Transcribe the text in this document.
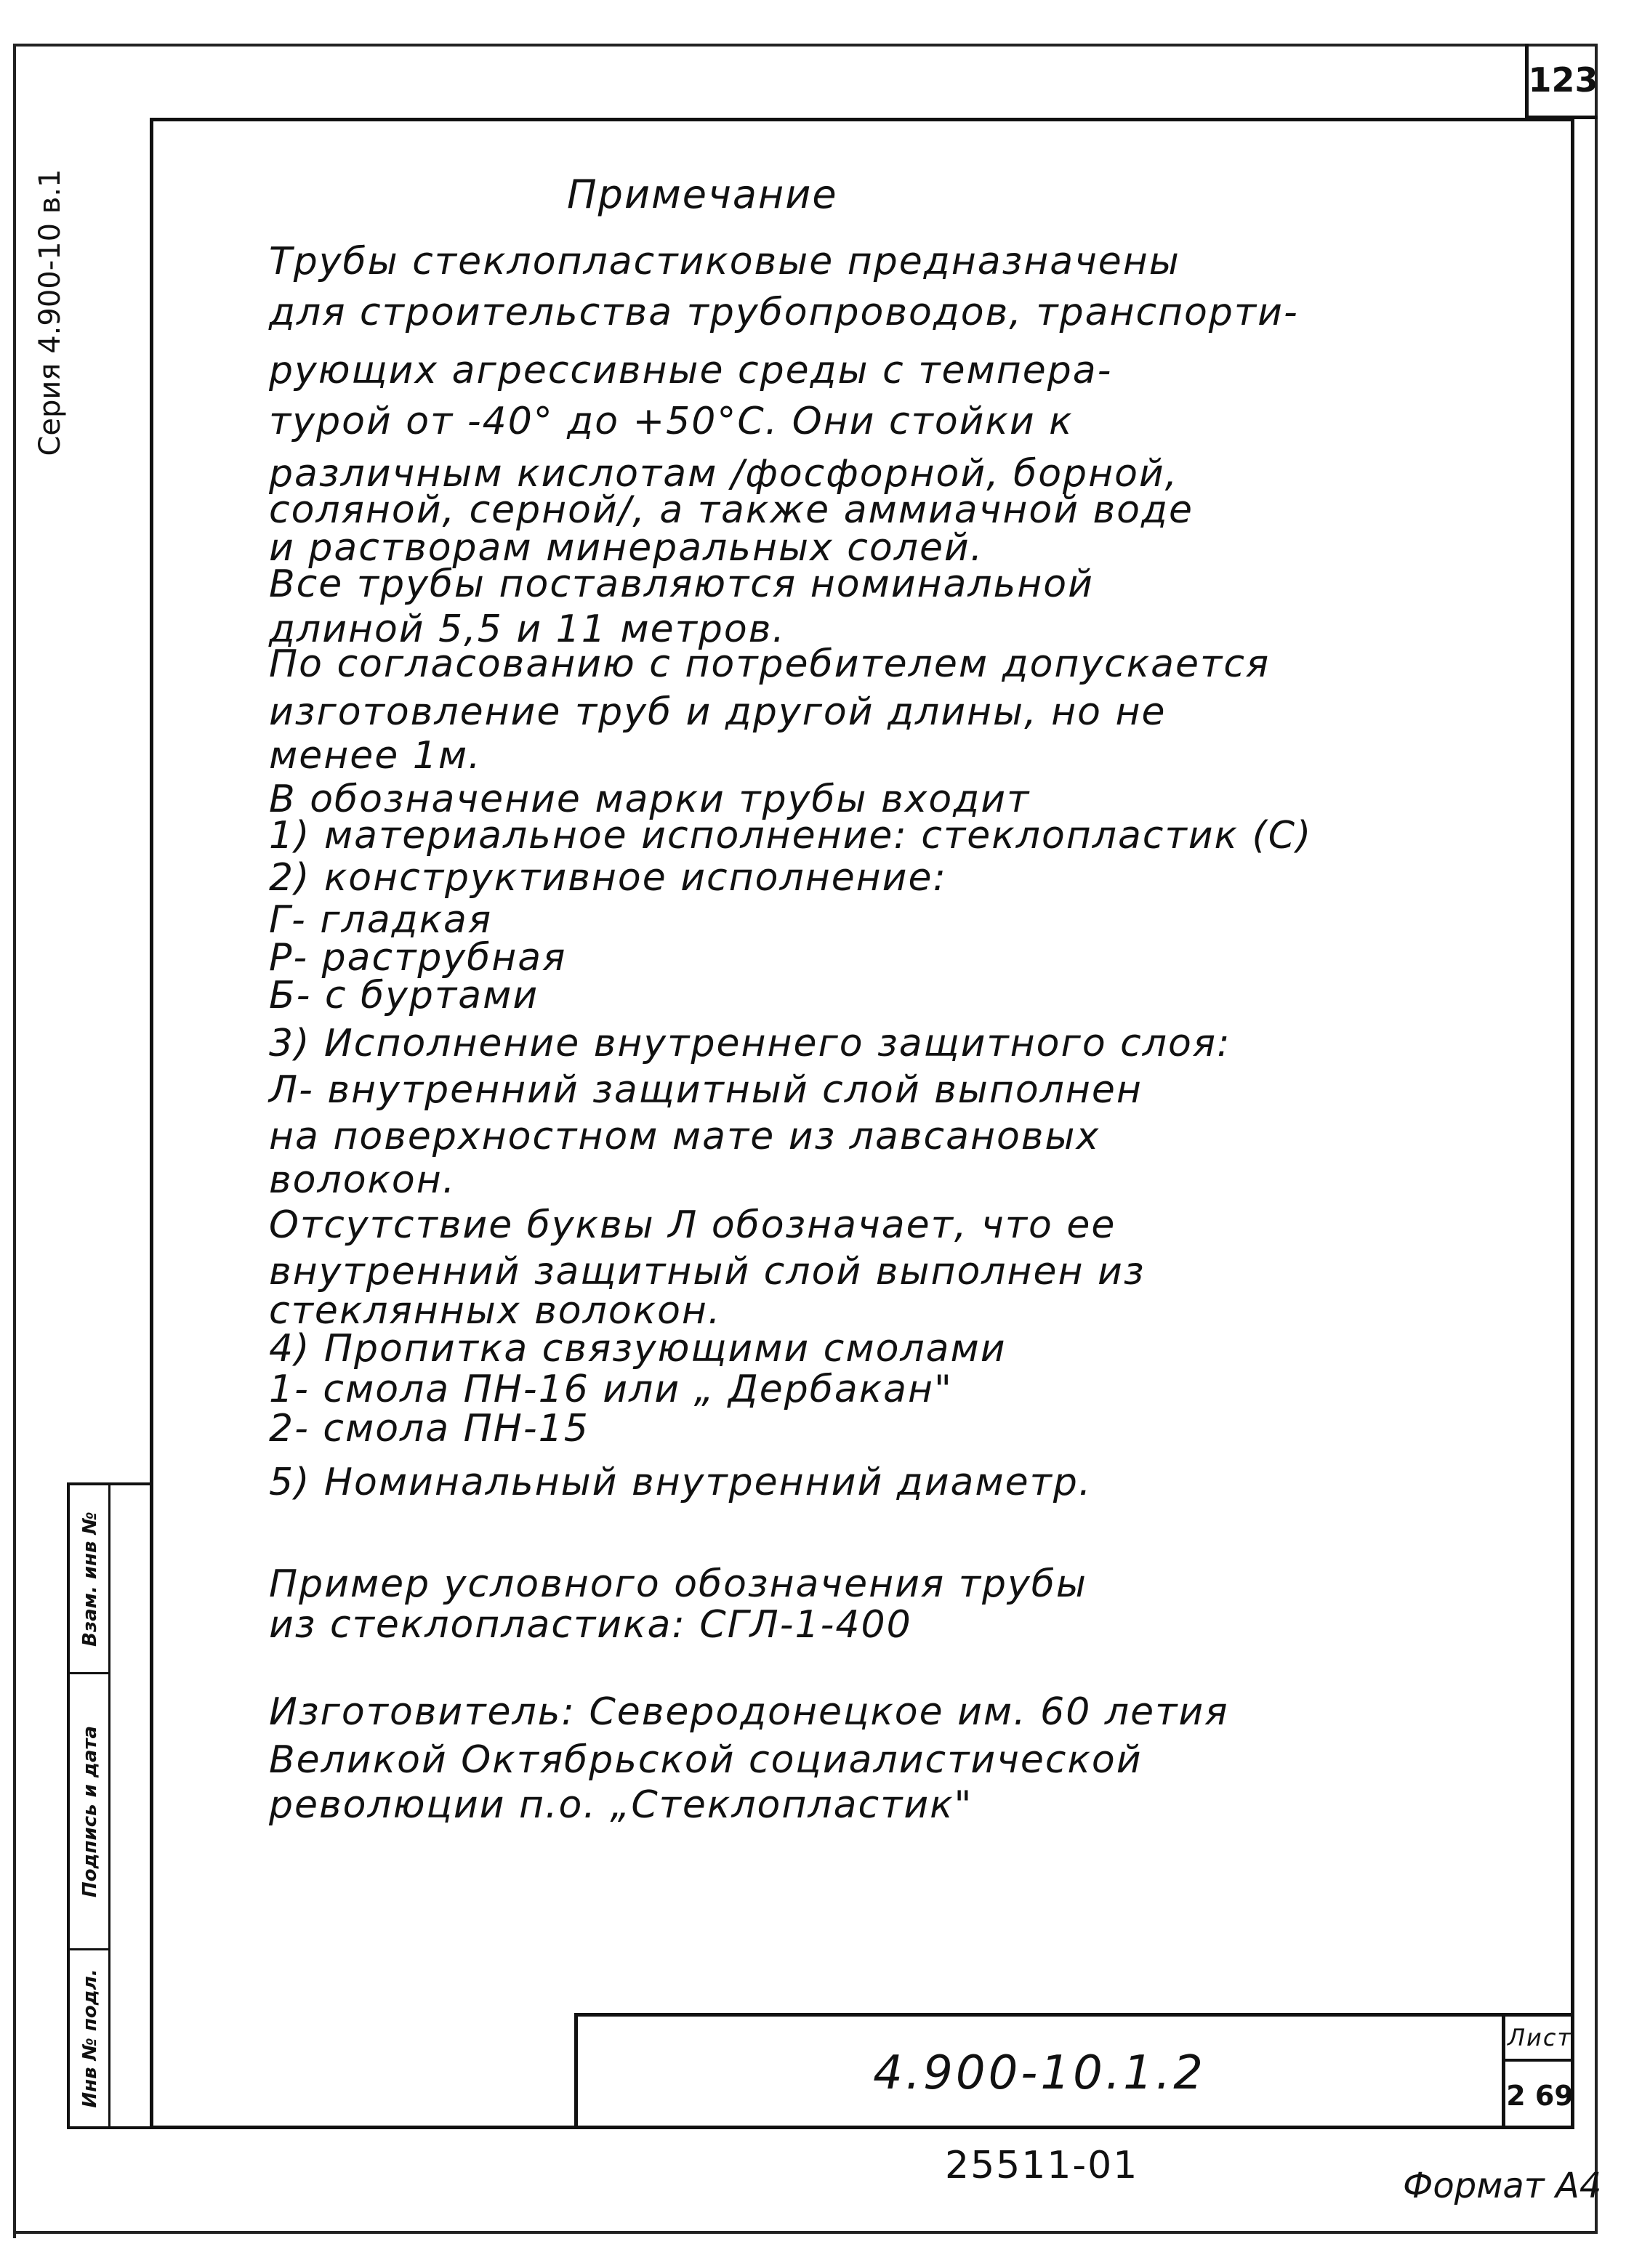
123
Серия 4.900-10 в.1
Взам. инв №
Подпись и дата
Инв № подл.
Примечание
Трубы стеклопластиковые предназначены
для строительства трубопроводов, транспорти-
рующих агрессивные среды с темпера-
турой от -40° до +50°С. Они стойки к
различным кислотам /фосфорной, борной,
соляной, серной/, а также аммиачной воде
и растворам минеральных солей.
Все трубы поставляются номинальной
длиной 5,5 и 11 метров.
По согласованию с потребителем допускается
изготовление труб и другой длины, но не
менее 1м.
В обозначение марки трубы входит
1) материальное исполнение: стеклопластик (С)
2) конструктивное исполнение:
Г- гладкая
Р- раструбная
Б- с буртами
3) Исполнение внутреннего защитного слоя:
Л- внутренний защитный слой выполнен
на поверхностном мате из лавсановых
волокон.
Отсутствие буквы Л обозначает, что ее
внутренний защитный слой выполнен из
стеклянных волокон.
4) Пропитка связующими смолами
1- смола ПН-16 или „ Дербакан"
2- смола ПН-15
5) Номинальный внутренний диаметр.
Пример условного обозначения трубы
из стеклопластика: СГЛ-1-400
Изготовитель: Северодонецкое им. 60 летия
Великой Октябрьской социалистической
революции п.о. „Стеклопластик"
4.900-10.1.2
Лист
2 69
25511-01	Формат А4
